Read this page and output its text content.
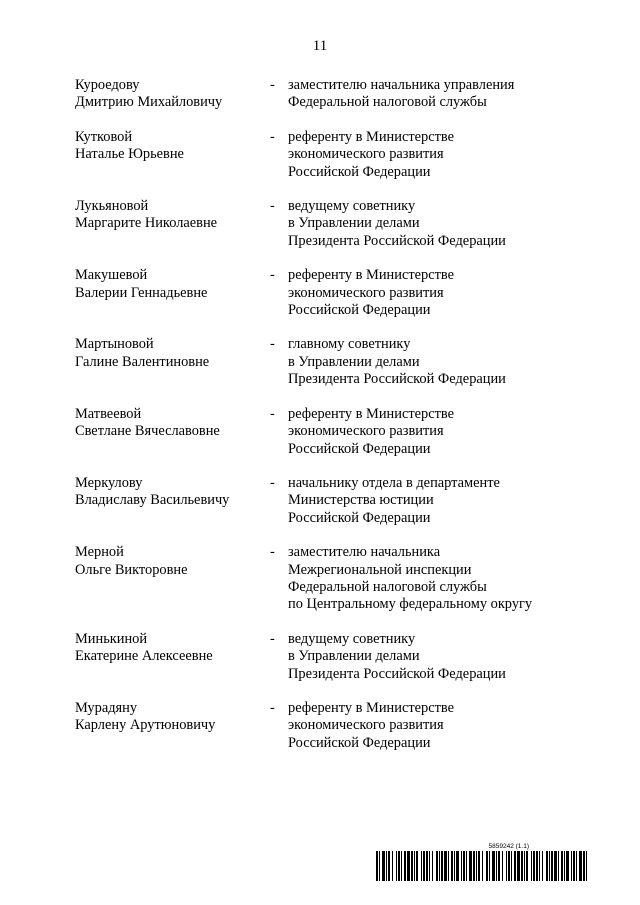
11
Куроедову
Дмитрию Михайловичу
- заместителю начальника управления
Федеральной налоговой службы
Кутковой
Наталье Юрьевне
- референту в Министерстве
экономического развития
Российской Федерации
Лукьяновой
Маргарите Николаевне
- ведущему советнику
в Управлении делами
Президента Российской Федерации
Макушевой
Валерии Геннадьевне
- референту в Министерстве
экономического развития
Российской Федерации
Мартыновой
Галине Валентиновне
- главному советнику
в Управлении делами
Президента Российской Федерации
Матвеевой
Светлане Вячеславовне
- референту в Министерстве
экономического развития
Российской Федерации
Меркулову
Владиславу Васильевичу
- начальнику отдела в департаменте
Министерства юстиции
Российской Федерации
Мерной
Ольге Викторовне
- заместителю начальника
Межрегиональной инспекции
Федеральной налоговой службы
по Центральному федеральному округу
Минькиной
Екатерине Алексеевне
- ведущему советнику
в Управлении делами
Президента Российской Федерации
Мурадяну
Карлену Арутюновичу
- референту в Министерстве
экономического развития
Российской Федерации
5859242 (1.1)
